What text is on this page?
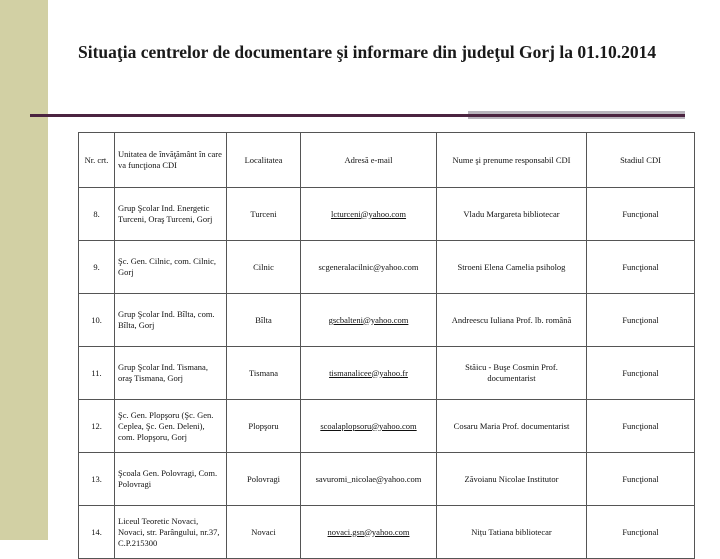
Situaţia centrelor de documentare şi informare din judeţul Gorj la 01.10.2014
Nr. crt.	Unitatea de învăţământ în care va funcţiona CDI	Localitatea	Adresă e-mail	Nume şi prenume responsabil CDI	Stadiul CDI
8.	Grup Şcolar Ind. Energetic Turceni, Oraş Turceni, Gorj	Turceni	lcturceni@yahoo.com	Vladu Margareta bibliotecar	Funcţional
9.	Şc. Gen. Cilnic, com. Cilnic, Gorj	Cilnic	scgeneralacilnic@yahoo.com	Stroeni Elena Camelia psiholog	Funcţional
10.	Grup Şcolar Ind. Bîlta, com. Bîlta, Gorj	Bîlta	gscbalteni@yahoo.com	Andreescu Iuliana Prof. lb. română	Funcţional
11.	Grup Şcolar Ind. Tismana, oraş Tismana, Gorj	Tismana	tismanalicee@yahoo.fr	Stăicu - Buşe Cosmin Prof. documentarist	Funcţional
12.	Şc. Gen. Plopşoru (Şc. Gen. Ceplea, Şc. Gen. Deleni), com. Plopşoru, Gorj	Plopşoru	scoalaplopsoru@yahoo.com	Cosaru Maria Prof. documentarist	Funcţional
13.	Şcoala Gen. Polovragi, Com. Polovragi	Polovragi	savuromi_nicolae@yahoo.com	Zăvoianu Nicolae Institutor	Funcţional
14.	Liceul Teoretic Novaci, Novaci, str. Parângului, nr.37, C.P.215300	Novaci	novaci.gsn@yahoo.com	Nițu Tatiana bibliotecar	Funcţional
